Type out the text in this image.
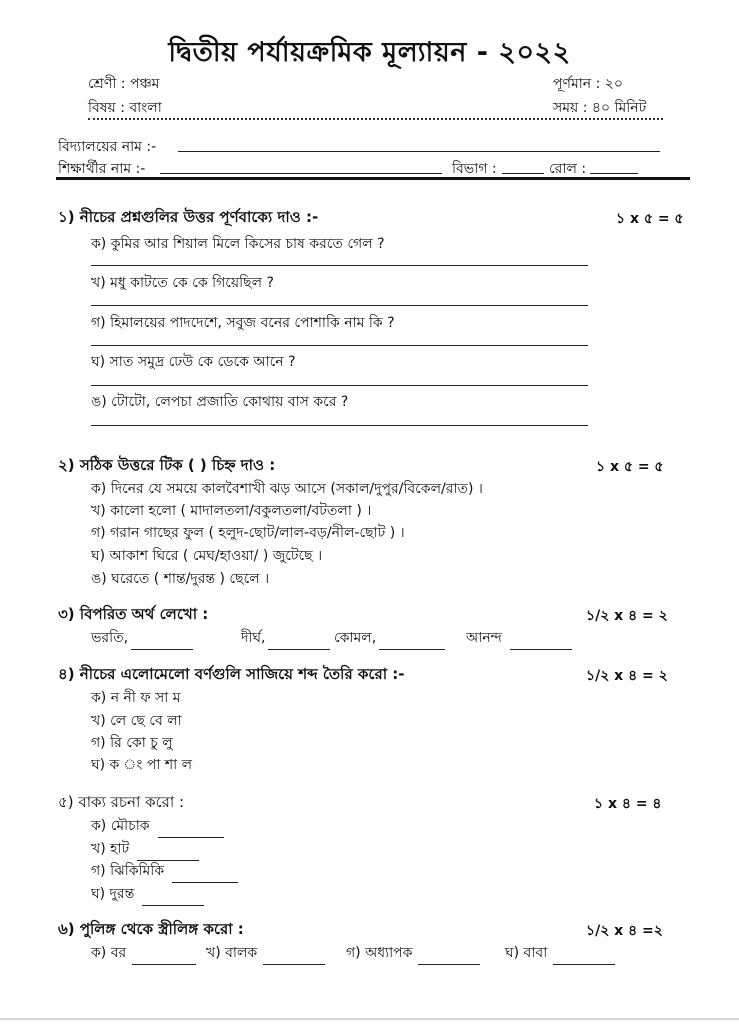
দ্বিতীয় পর্যায়ক্রমিক মূল্যায়ন - ২০২২
শ্রেণী : পঞ্চম
বিষয় : বাংলা
পূর্ণমান : ২০
সময় : ৪০ মিনিট
বিদ্যালয়ের নাম :-
শিক্ষার্থীর নাম :-	বিভাগ :	রোল :
১) নীচের প্রশ্নগুলির উত্তর পূর্ণবাক্যে দাও :-	১ x ৫ = ৫
ক) কুমির আর শিয়াল মিলে কিসের চাষ করতে গেল ?
খ) মধু কাটতে কে কে গিয়েছিল ?
গ) হিমালয়ের পাদদেশে, সবুজ বনের পোশাকি নাম কি ?
ঘ) সাত সমুদ্র ঢেউ কে ডেকে আনে ?
ঙ) টোটো, লেপচা প্রজাতি কোথায় বাস করে ?
২) সঠিক উত্তরে টিক ( ) চিহ্ন দাও :	১ x ৫ = ৫
ক) দিনের যে সময়ে কালবৈশাখী ঝড় আসে (সকাল/দুপুর/বিকেল/রাত) ।
খ) কালো হলো ( মাদালতলা/বকুলতলা/বটতলা ) ।
গ) গরান গাছের ফুল ( হলুদ-ছোট/লাল-বড়/নীল-ছোট ) ।
ঘ) আকাশ ঘিরে ( মেঘ/হাওয়া/ ) জুটেছে ।
ঙ) ঘরেতে ( শান্ত/দুরন্ত ) ছেলে ।
৩) বিপরিত অর্থ লেখো :	১/২ x ৪ = ২
ভরতি,	দীর্ঘ,	কোমল,	আনন্দ
৪) নীচের এলোমেলো বর্ণগুলি সাজিয়ে শব্দ তৈরি করো :-	১/২ x ৪ = ২
ক) ন নী ফ সা ম
খ) লে ছে বে লা
গ) রি কো চু লু
ঘ) ক ং পা শা ল
৫) বাক্য রচনা করো :	১ x ৪ = ৪
ক) মৌচাক
খ) হাট
গ) ঝিকিমিকি
ঘ) দুরন্ত
৬) পুলিঙ্গ থেকে স্ত্রীলিঙ্গ করো :	১/২ x ৪ =২
ক) বর	খ) বালক	গ) অধ্যাপক	ঘ) বাবা
